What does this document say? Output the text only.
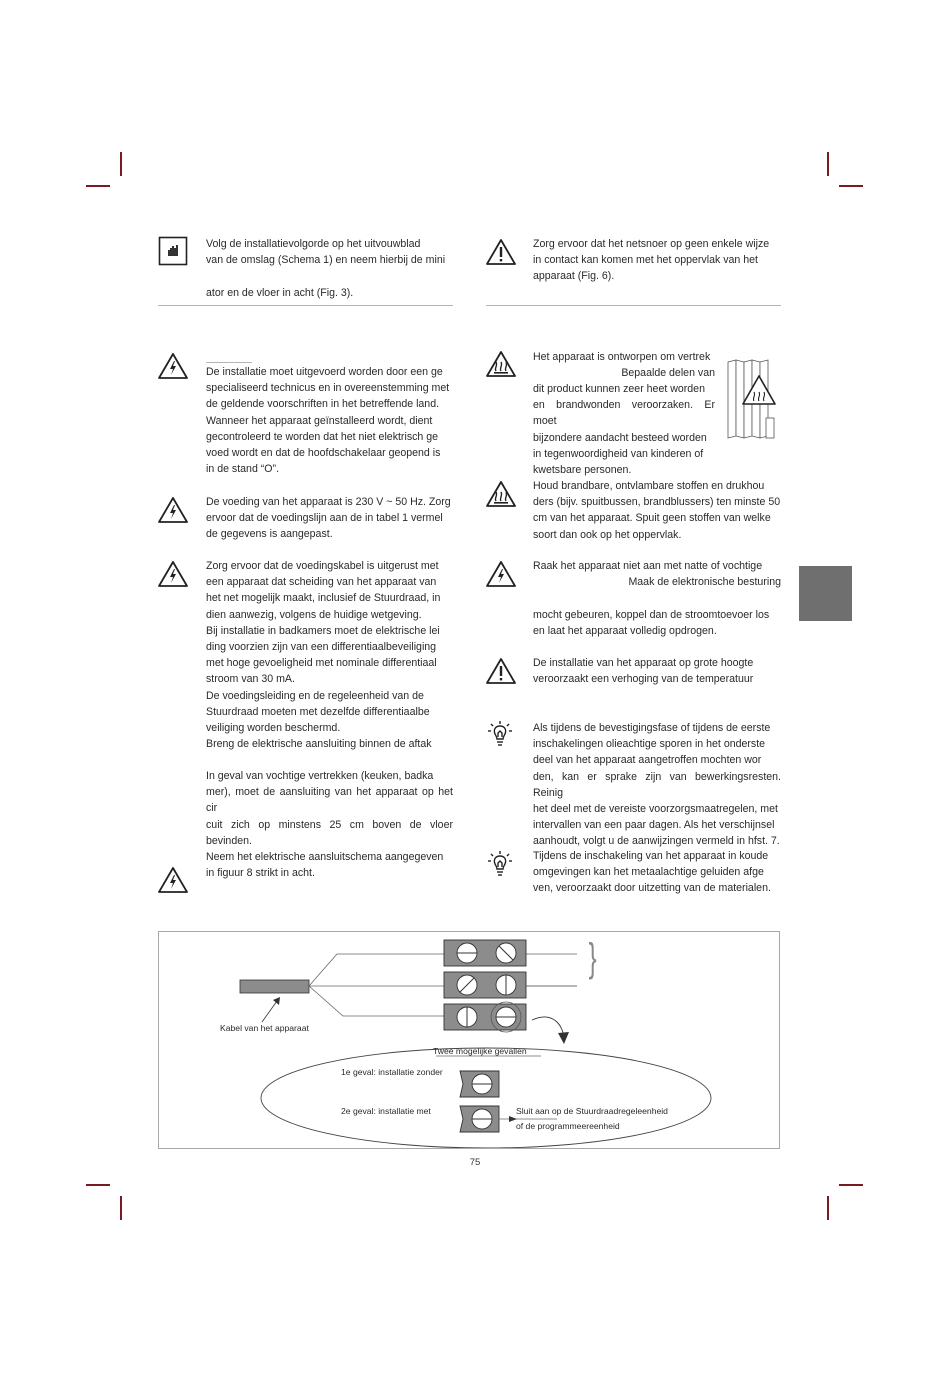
Volg de installatievolgorde op het uitvouwblad
van de omslag (Schema 1) en neem hierbij de mini
ator en de vloer in acht (Fig. 3).
De installatie moet uitgevoerd worden door een ge
specialiseerd technicus en in overeenstemming met
de geldende voorschriften in het betreffende land.
Wanneer het apparaat geïnstalleerd wordt, dient
gecontroleerd te worden dat het niet elektrisch ge
voed wordt en dat de hoofdschakelaar geopend is
in de stand “O”.
De voeding van het apparaat is 230 V ~ 50 Hz. Zorg
ervoor dat de voedingslijn aan de in tabel 1 vermel
de gegevens is aangepast.
Zorg ervoor dat de voedingskabel is uitgerust met
een apparaat dat scheiding van het apparaat van
het net mogelijk maakt, inclusief de Stuurdraad, in
dien aanwezig, volgens de huidige wetgeving.
Bij installatie in badkamers moet de elektrische lei
ding voorzien zijn van een differentiaalbeveiliging
met hoge gevoeligheid met nominale differentiaal
stroom van 30 mA.
De voedingsleiding en de regeleenheid van de
Stuurdraad moeten met dezelfde differentiaalbe
veiliging worden beschermd.
Breng de elektrische aansluiting binnen de aftak
In geval van vochtige vertrekken (keuken, badka
mer), moet de aansluiting van het apparaat op het cir
cuit zich op minstens 25 cm boven de vloer bevinden.
Neem het elektrische aansluitschema aangegeven
in figuur 8 strikt in acht.
Zorg ervoor dat het netsnoer op geen enkele wijze
in contact kan komen met het oppervlak van het
apparaat (Fig. 6).
Het apparaat is ontworpen om vertrek
Bepaalde delen van
dit product kunnen zeer heet worden
en brandwonden veroorzaken. Er moet
bijzondere aandacht besteed worden
in tegenwoordigheid van kinderen of
kwetsbare personen.
Houd brandbare, ontvlambare stoffen en drukhou
ders (bijv. spuitbussen, brandblussers) ten minste 50
cm van het apparaat. Spuit geen stoffen van welke
soort dan ook op het oppervlak.
Raak het apparaat niet aan met natte of vochtige
Maak de elektronische besturing
mocht gebeuren, koppel dan de stroomtoevoer los
en laat het apparaat volledig opdrogen.
De installatie van het apparaat op grote hoogte
veroorzaakt een verhoging van de temperatuur
Als tijdens de bevestigingsfase of tijdens de eerste
inschakelingen olieachtige sporen in het onderste
deel van het apparaat aangetroffen mochten wor
den, kan er sprake zijn van bewerkingsresten. Reinig
het deel met de vereiste voorzorgsmaatregelen, met
intervallen van een paar dagen. Als het verschijnsel
aanhoudt, volgt u de aanwijzingen vermeld in hfst. 7.
Tijdens de inschakeling van het apparaat in koude
omgevingen kan het metaalachtige geluiden afge
ven, veroorzaakt door uitzetting van de materialen.
}
Kabel van het apparaat
Twee mogelijke gevallen
1e geval: installatie zonder
2e geval: installatie met	Sluit aan op de Stuurdraadregeleenheid
of de programmeereenheid
75
